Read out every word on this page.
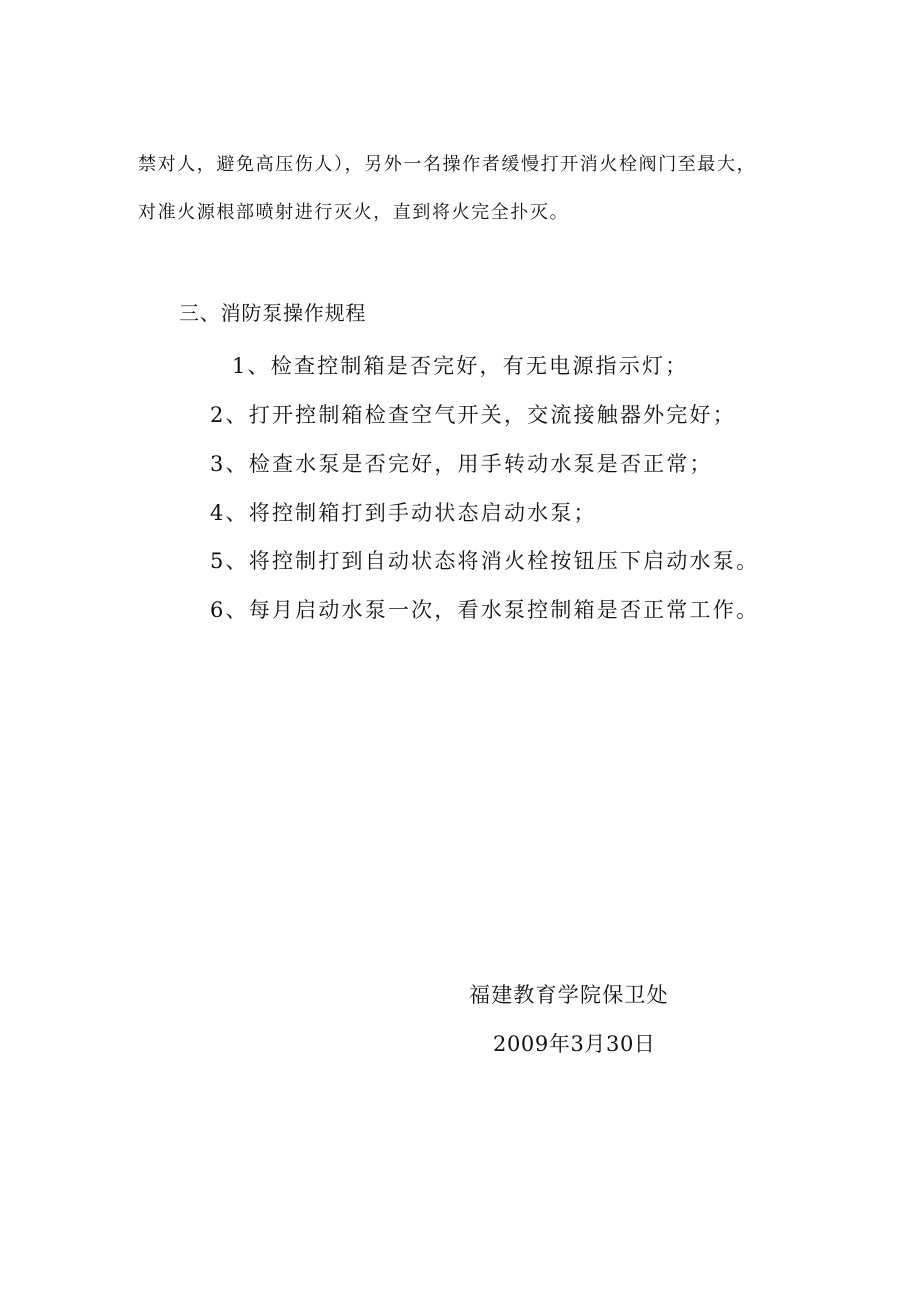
禁对人，避免高压伤人），另外一名操作者缓慢打开消火栓阀门至最大，
对准火源根部喷射进行灭火，直到将火完全扑灭。
三、消防泵操作规程
1、检查控制箱是否完好，有无电源指示灯；
2、打开控制箱检查空气开关，交流接触器外完好；
3、检查水泵是否完好，用手转动水泵是否正常；
4、将控制箱打到手动状态启动水泵；
5、将控制打到自动状态将消火栓按钮压下启动水泵。
6、每月启动水泵一次，看水泵控制箱是否正常工作。
福建教育学院保卫处
2009年3月30日
